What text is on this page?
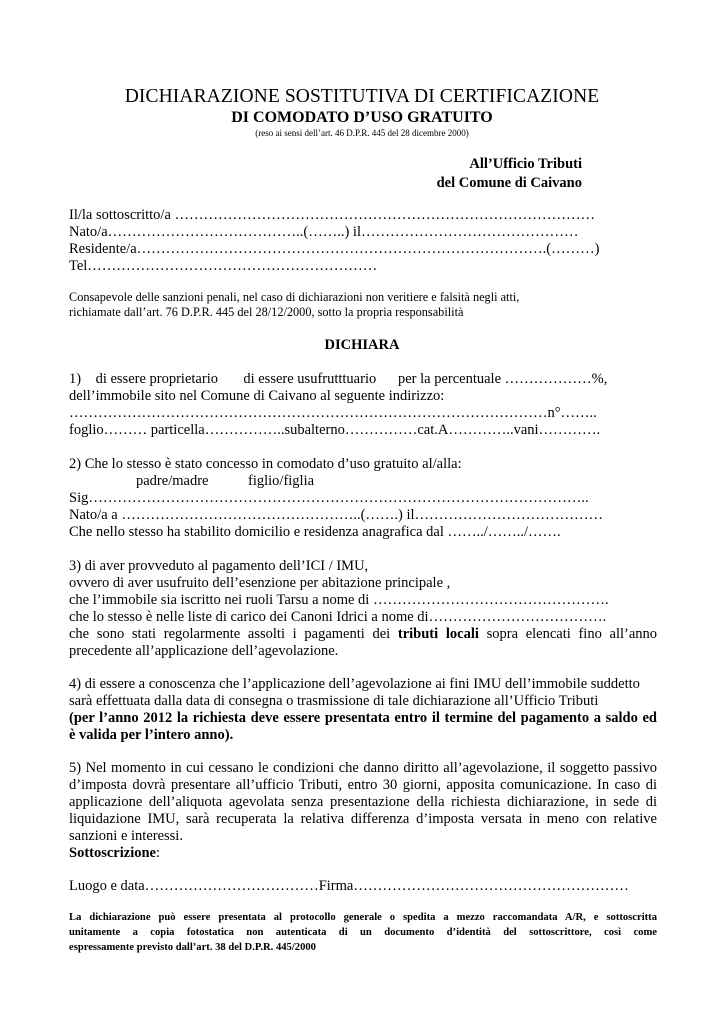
DICHIARAZIONE SOSTITUTIVA DI CERTIFICAZIONE
DI COMODATO D’USO GRATUITO
(reso ai sensi dell’art. 46 D.P.R. 445 del 28 dicembre 2000)
All’Ufficio Tributi
del Comune di Caivano
Il/la sottoscritto/a ……………………………………………………………………………
Nato/a…………………………………..(……..) il………………………………………
Residente/a………………………………………………………………………….(………)
Tel……………………………………………………
Consapevole delle sanzioni penali, nel caso di dichiarazioni non veritiere e falsità negli atti,
richiamate dall’art. 76 D.P.R. 445 del 28/12/2000, sotto la propria responsabilità
DICHIARA
1)    di essere proprietario       di essere usufrutttuario      per la percentuale ………………%,
dell’immobile sito nel Comune di Caivano al seguente indirizzo:
………………………………………………………………………………………n°……..
foglio……… particella……………..subalterno……………cat.A…………..vani………….
2) Che lo stesso è stato concesso in comodato d’uso gratuito al/alla:
padre/madre	figlio/figlia
Sig…………………………………………………………………………………………..
Nato/a a …………………………………………..(…….) il…………………………………
Che nello stesso ha stabilito domicilio e residenza anagrafica dal ……../……../…….
3) di aver provveduto al pagamento dell’ICI / IMU,
ovvero di aver usufruito dell’esenzione per abitazione principale ,
che l’immobile sia iscritto nei ruoli Tarsu a nome di ………………………………………….
che lo stesso è nelle liste di carico dei Canoni Idrici a nome di……………………………….
che sono stati regolarmente assolti i pagamenti dei tributi locali sopra elencati fino all’anno
precedente all’applicazione dell’agevolazione.
4) di essere a conoscenza che l’applicazione dell’agevolazione ai fini IMU dell’immobile suddetto
sarà effettuata dalla data di consegna o trasmissione di tale dichiarazione all’Ufficio Tributi
(per l’anno 2012 la richiesta deve essere presentata entro il termine del pagamento a saldo ed
è valida per l’intero anno).
5) Nel momento in cui cessano le condizioni che danno diritto all’agevolazione, il soggetto passivo
d’imposta dovrà presentare all’ufficio Tributi, entro 30 giorni, apposita comunicazione. In caso di
applicazione dell’aliquota agevolata senza presentazione della richiesta dichiarazione, in sede di
liquidazione IMU, sarà recuperata la relativa differenza d’imposta versata in meno con relative
sanzioni e interessi.
Sottoscrizione:
Luogo e data………………………………Firma…………………………………………………
La dichiarazione può essere presentata al protocollo generale o spedita a mezzo raccomandata A/R, e sottoscritta
unitamente a copia fotostatica non autenticata di un documento d’identità del sottoscrittore, così come
espressamente previsto dall’art. 38 del D.P.R. 445/2000
